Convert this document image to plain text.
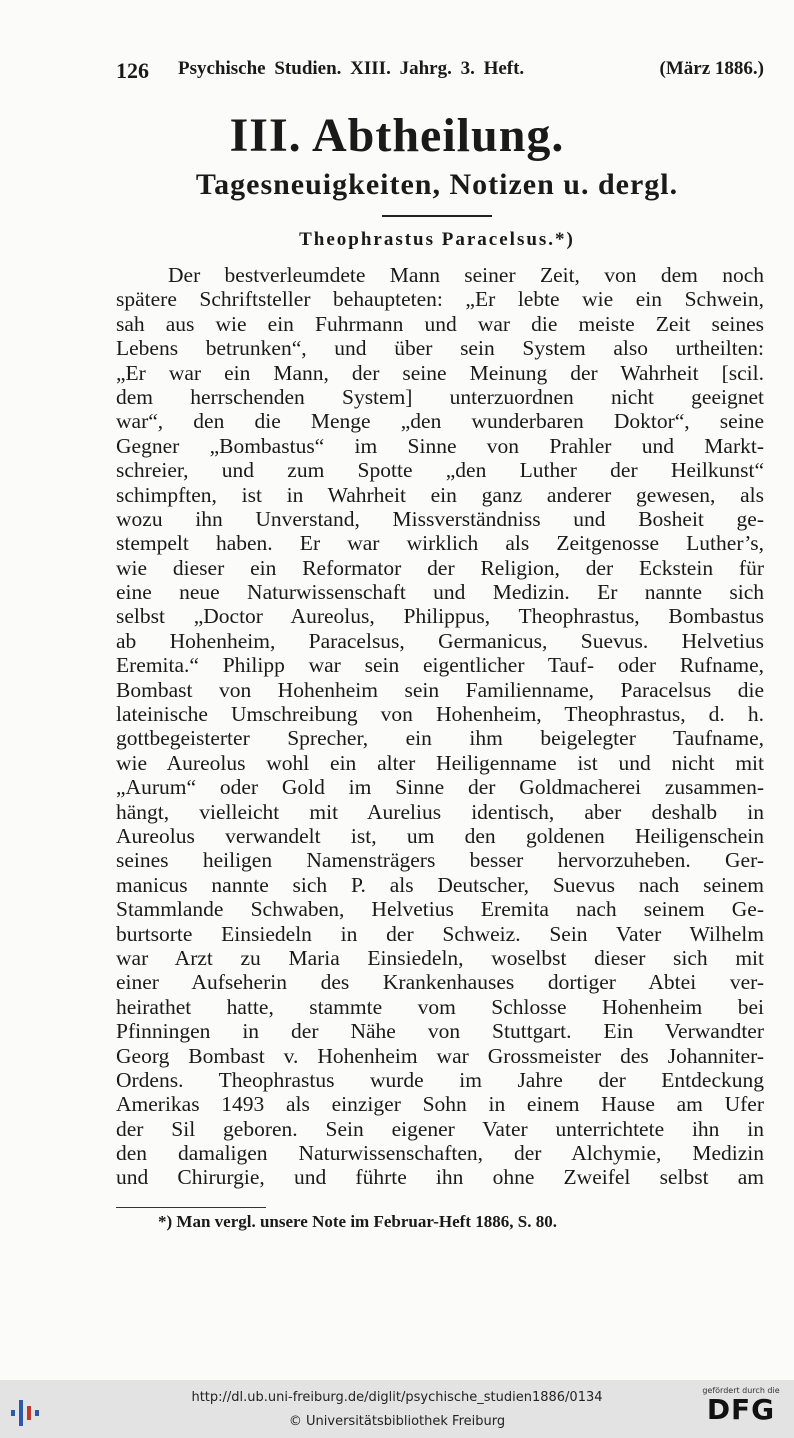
126 Psychische Studien. XIII. Jahrg. 3. Heft.	(März 1886.)
III. Abtheilung.
Tagesneuigkeiten, Notizen u. dergl.
Theophrastus Paracelsus.*)
Der bestverleumdete Mann seiner Zeit, von dem noch
spätere Schriftsteller behaupteten: „Er lebte wie ein Schwein,
sah aus wie ein Fuhrmann und war die meiste Zeit seines
Lebens betrunken“, und über sein System also urtheilten:
„Er war ein Mann, der seine Meinung der Wahrheit [scil.
dem herrschenden System] unterzuordnen nicht geeignet
war“, den die Menge „den wunderbaren Doktor“, seine
Gegner „Bombastus“ im Sinne von Prahler und Markt-
schreier, und zum Spotte „den Luther der Heilkunst“
schimpften, ist in Wahrheit ein ganz anderer gewesen, als
wozu ihn Unverstand, Missverständniss und Bosheit ge-
stempelt haben. Er war wirklich als Zeitgenosse Luther’s,
wie dieser ein Reformator der Religion, der Eckstein für
eine neue Naturwissenschaft und Medizin. Er nannte sich
selbst „Doctor Aureolus, Philippus, Theophrastus, Bombastus
ab Hohenheim, Paracelsus, Germanicus, Suevus. Helvetius
Eremita.“ Philipp war sein eigentlicher Tauf- oder Rufname,
Bombast von Hohenheim sein Familienname, Paracelsus die
lateinische Umschreibung von Hohenheim, Theophrastus, d. h.
gottbegeisterter Sprecher, ein ihm beigelegter Taufname,
wie Aureolus wohl ein alter Heiligenname ist und nicht mit
„Aurum“ oder Gold im Sinne der Goldmacherei zusammen-
hängt, vielleicht mit Aurelius identisch, aber deshalb in
Aureolus verwandelt ist, um den goldenen Heiligenschein
seines heiligen Namensträgers besser hervorzuheben. Ger-
manicus nannte sich P. als Deutscher, Suevus nach seinem
Stammlande Schwaben, Helvetius Eremita nach seinem Ge-
burtsorte Einsiedeln in der Schweiz. Sein Vater Wilhelm
war Arzt zu Maria Einsiedeln, woselbst dieser sich mit
einer Aufseherin des Krankenhauses dortiger Abtei ver-
heirathet hatte, stammte vom Schlosse Hohenheim bei
Pfinningen in der Nähe von Stuttgart. Ein Verwandter
Georg Bombast v. Hohenheim war Grossmeister des Johanniter-
Ordens. Theophrastus wurde im Jahre der Entdeckung
Amerikas 1493 als einziger Sohn in einem Hause am Ufer
der Sil geboren. Sein eigener Vater unterrichtete ihn in
den damaligen Naturwissenschaften, der Alchymie, Medizin
und Chirurgie, und führte ihn ohne Zweifel selbst am
*) Man vergl. unsere Note im Februar-Heft 1886, S. 80.
http://dl.ub.uni-freiburg.de/diglit/psychische_studien1886/0134
© Universitätsbibliothek Freiburg
gefördert durch die
DFG
